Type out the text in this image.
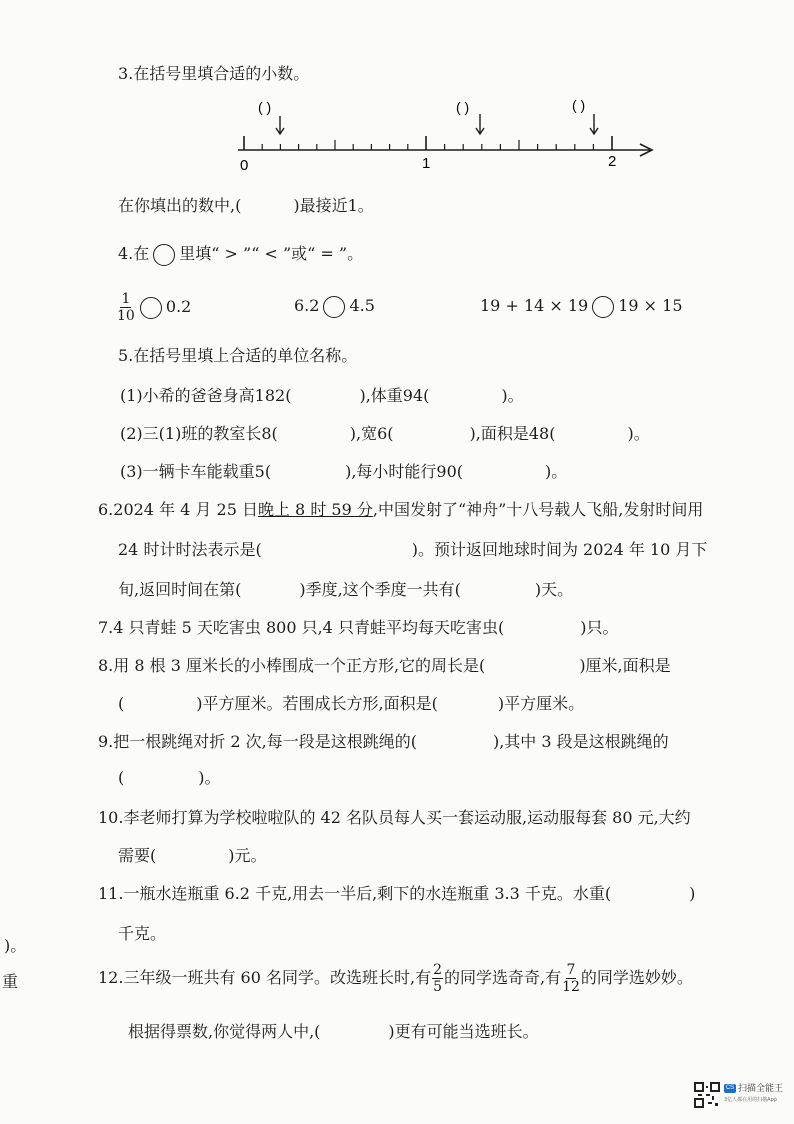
3.在括号里填合适的小数。
0	1	2
( )	( )	( )
在你填出的数中,(	)最接近1。
4.在 里填“ > ”“ < ”或“ = ”。
$\frac{1}{10} 0.2$	6.2 4.5	19 + 14 × 19 19 × 15
5.在括号里填上合适的单位名称。
(1)小希的爸爸身高182(	),体重94(	)。
(2)三(1)班的教室长8(	),宽6(	),面积是48(	)。
(3)一辆卡车能载重5(	),每小时能行90(	)。
6.2024 年 4 月 25 日晚上 8 时 59 分,中国发射了“神舟”十八号载人飞船,发射时间用
24 时计时法表示是(	)。预计返回地球时间为 2024 年 10 月下
旬,返回时间在第(	)季度,这个季度一共有(	)天。
7.4 只青蛙 5 天吃害虫 800 只,4 只青蛙平均每天吃害虫(	)只。
8.用 8 根 3 厘米长的小棒围成一个正方形,它的周长是(	)厘米,面积是
(	)平方厘米。若围成长方形,面积是(	)平方厘米。
9.把一根跳绳对折 2 次,每一段是这根跳绳的(	),其中 3 段是这根跳绳的
(	)。
10.李老师打算为学校啦啦队的 42 名队员每人买一套运动服,运动服每套 80 元,大约
需要(	)元。
11.一瓶水连瓶重 6.2 千克,用去一半后,剩下的水连瓶重 3.3 千克。水重(	)
千克。
)。
重	12.三年级一班共有 60 名同学。改选班长时,有 $\frac{2}{5}$ 的同学选奇奇,有 $\frac{7}{12}$ 的同学选妙妙。
根据得票数,你觉得两人中,(	)更有可能当选班长。
CS 扫描全能王
3亿人都在用的扫描App
